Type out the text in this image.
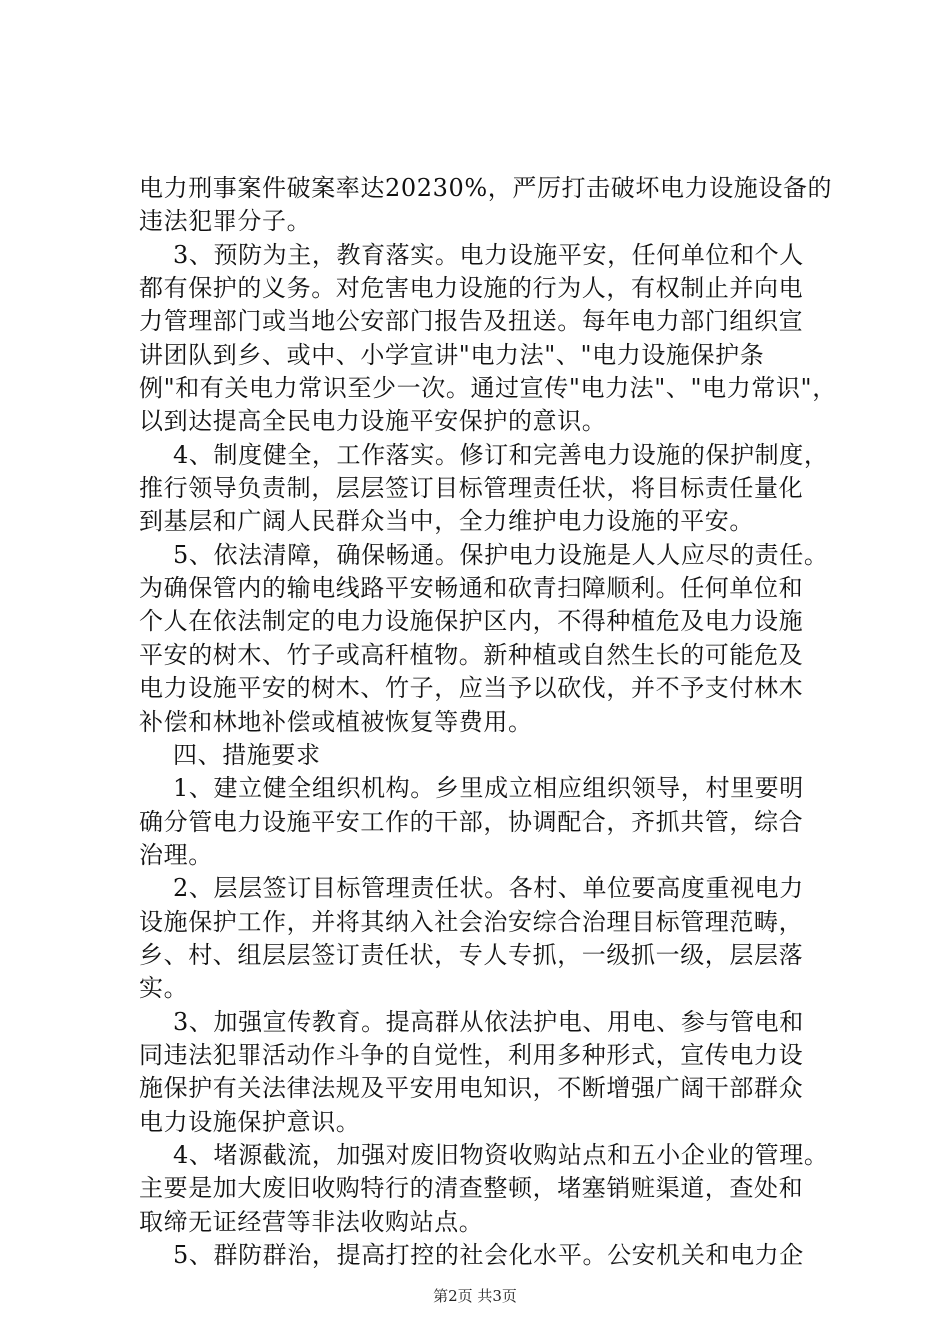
电力刑事案件破案率达20230%，严厉打击破坏电力设施设备的
违法犯罪分子。
3、预防为主，教育落实。电力设施平安，任何单位和个人
都有保护的义务。对危害电力设施的行为人，有权制止并向电
力管理部门或当地公安部门报告及扭送。每年电力部门组织宣
讲团队到乡、或中、小学宣讲"电力法"、"电力设施保护条
例"和有关电力常识至少一次。通过宣传"电力法"、"电力常识"，
以到达提高全民电力设施平安保护的意识。
4、制度健全，工作落实。修订和完善电力设施的保护制度，
推行领导负责制，层层签订目标管理责任状，将目标责任量化
到基层和广阔人民群众当中，全力维护电力设施的平安。
5、依法清障，确保畅通。保护电力设施是人人应尽的责任。
为确保管内的输电线路平安畅通和砍青扫障顺利。任何单位和
个人在依法制定的电力设施保护区内，不得种植危及电力设施
平安的树木、竹子或高秆植物。新种植或自然生长的可能危及
电力设施平安的树木、竹子，应当予以砍伐，并不予支付林木
补偿和林地补偿或植被恢复等费用。
四、措施要求
1、建立健全组织机构。乡里成立相应组织领导，村里要明
确分管电力设施平安工作的干部，协调配合，齐抓共管，综合
治理。
2、层层签订目标管理责任状。各村、单位要高度重视电力
设施保护工作，并将其纳入社会治安综合治理目标管理范畴，
乡、村、组层层签订责任状，专人专抓，一级抓一级，层层落
实。
3、加强宣传教育。提高群从依法护电、用电、参与管电和
同违法犯罪活动作斗争的自觉性，利用多种形式，宣传电力设
施保护有关法律法规及平安用电知识，不断增强广阔干部群众
电力设施保护意识。
4、堵源截流，加强对废旧物资收购站点和五小企业的管理。
主要是加大废旧收购特行的清查整顿，堵塞销赃渠道，查处和
取缔无证经营等非法收购站点。
5、群防群治，提高打控的社会化水平。公安机关和电力企
第2页 共3页
